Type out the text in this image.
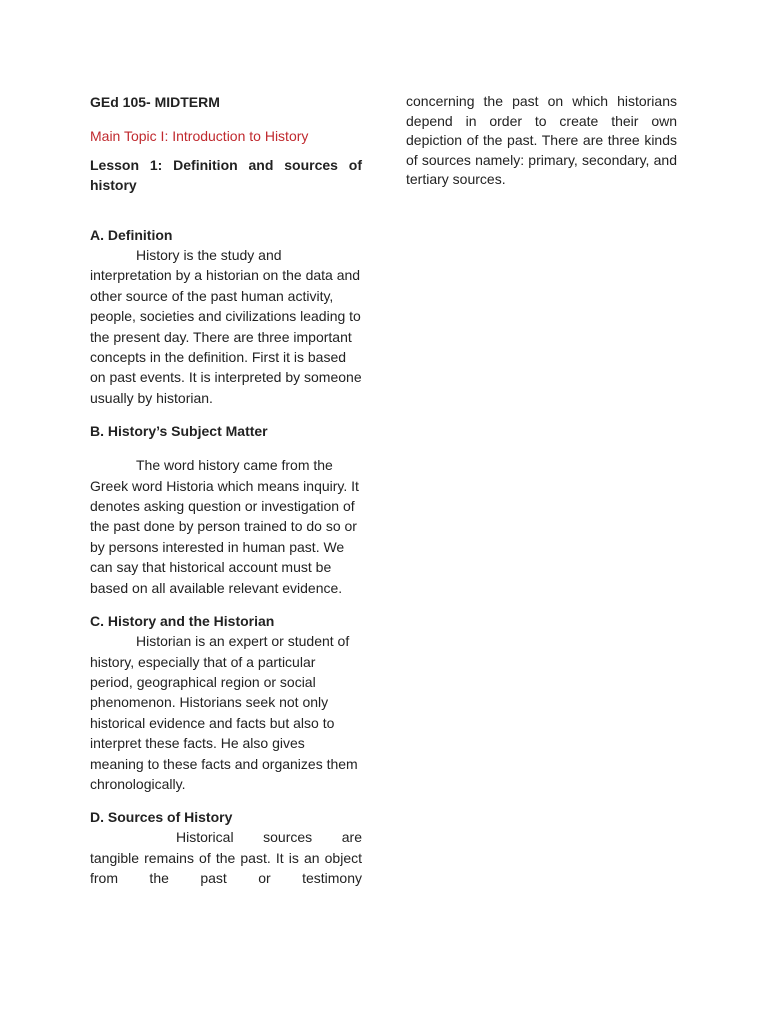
GEd 105- MIDTERM

Main Topic I: Introduction to History

Lesson 1: Definition and sources of history

A. Definition

History is the study and interpretation by a historian on the data and other source of the past human activity, people, societies and civilizations leading to the present day. There are three important concepts in the definition. First it is based on past events. It is interpreted by someone usually by historian.

B. History’s Subject Matter

The word history came from the Greek word Historia which means inquiry. It denotes asking question or investigation of the past done by person trained to do so or by persons interested in human past. We can say that historical account must be based on all available relevant evidence.

C. History and the Historian

Historian is an expert or student of history, especially that of a particular period, geographical region or social phenomenon. Historians seek not only historical evidence and facts but also to interpret these facts. He also gives meaning to these facts and organizes them chronologically.

D. Sources of History

Historical sources are tangible remains of the past. It is an object from the past or testimony

concerning the past on which historians depend in order to create their own depiction of the past. There are three kinds of sources namely: primary, secondary, and tertiary sources.
